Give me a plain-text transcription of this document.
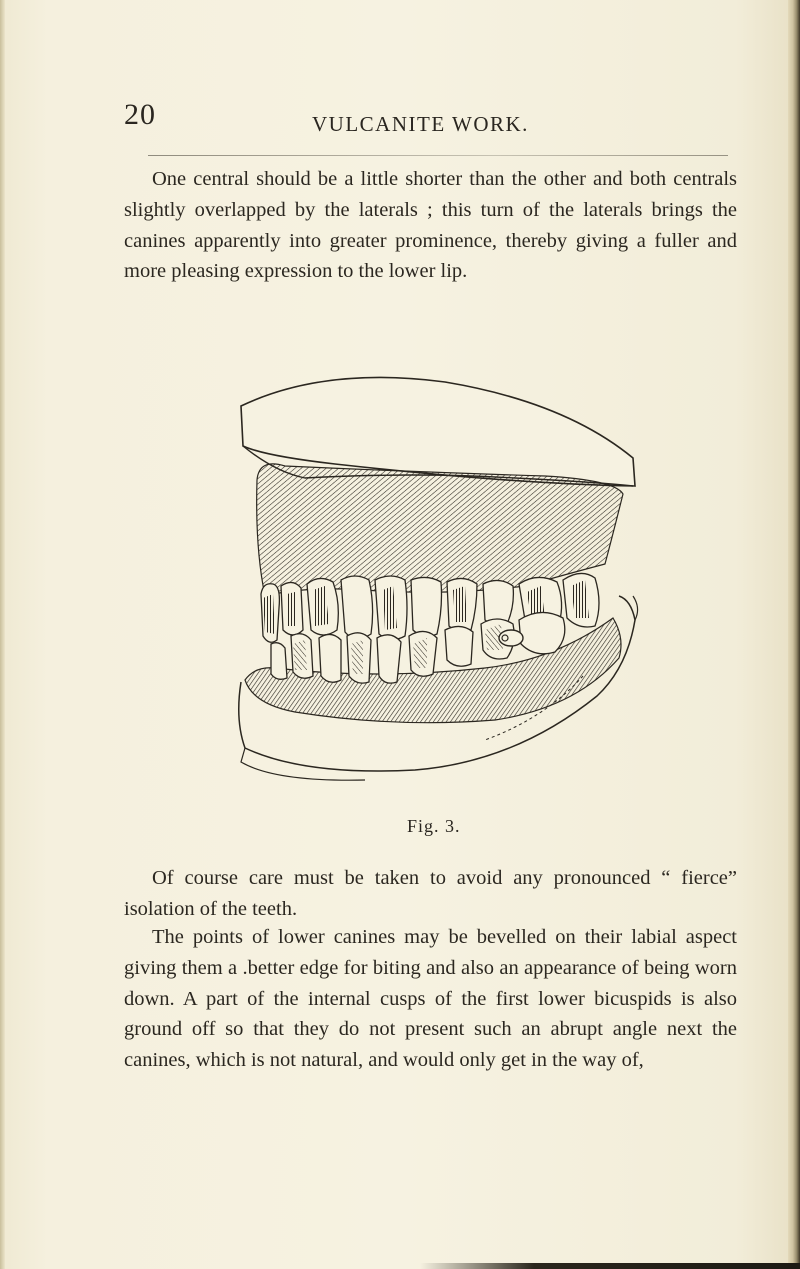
20	VULCANITE WORK.

One central should be a little shorter than the other and both centrals slightly overlapped by the laterals ; this turn of the laterals brings the canines apparently into greater prominence, thereby giving a fuller and more pleasing expression to the lower lip.

Fig. 3.

Of course care must be taken to avoid any pronounced “ fierce” isolation of the teeth.

The points of lower canines may be bevelled on their labial aspect giving them a .better edge for biting and also an appearance of being worn down. A part of the internal cusps of the first lower bicuspids is also ground off so that they do not present such an abrupt angle next the canines, which is not natural, and would only get in the way of,
